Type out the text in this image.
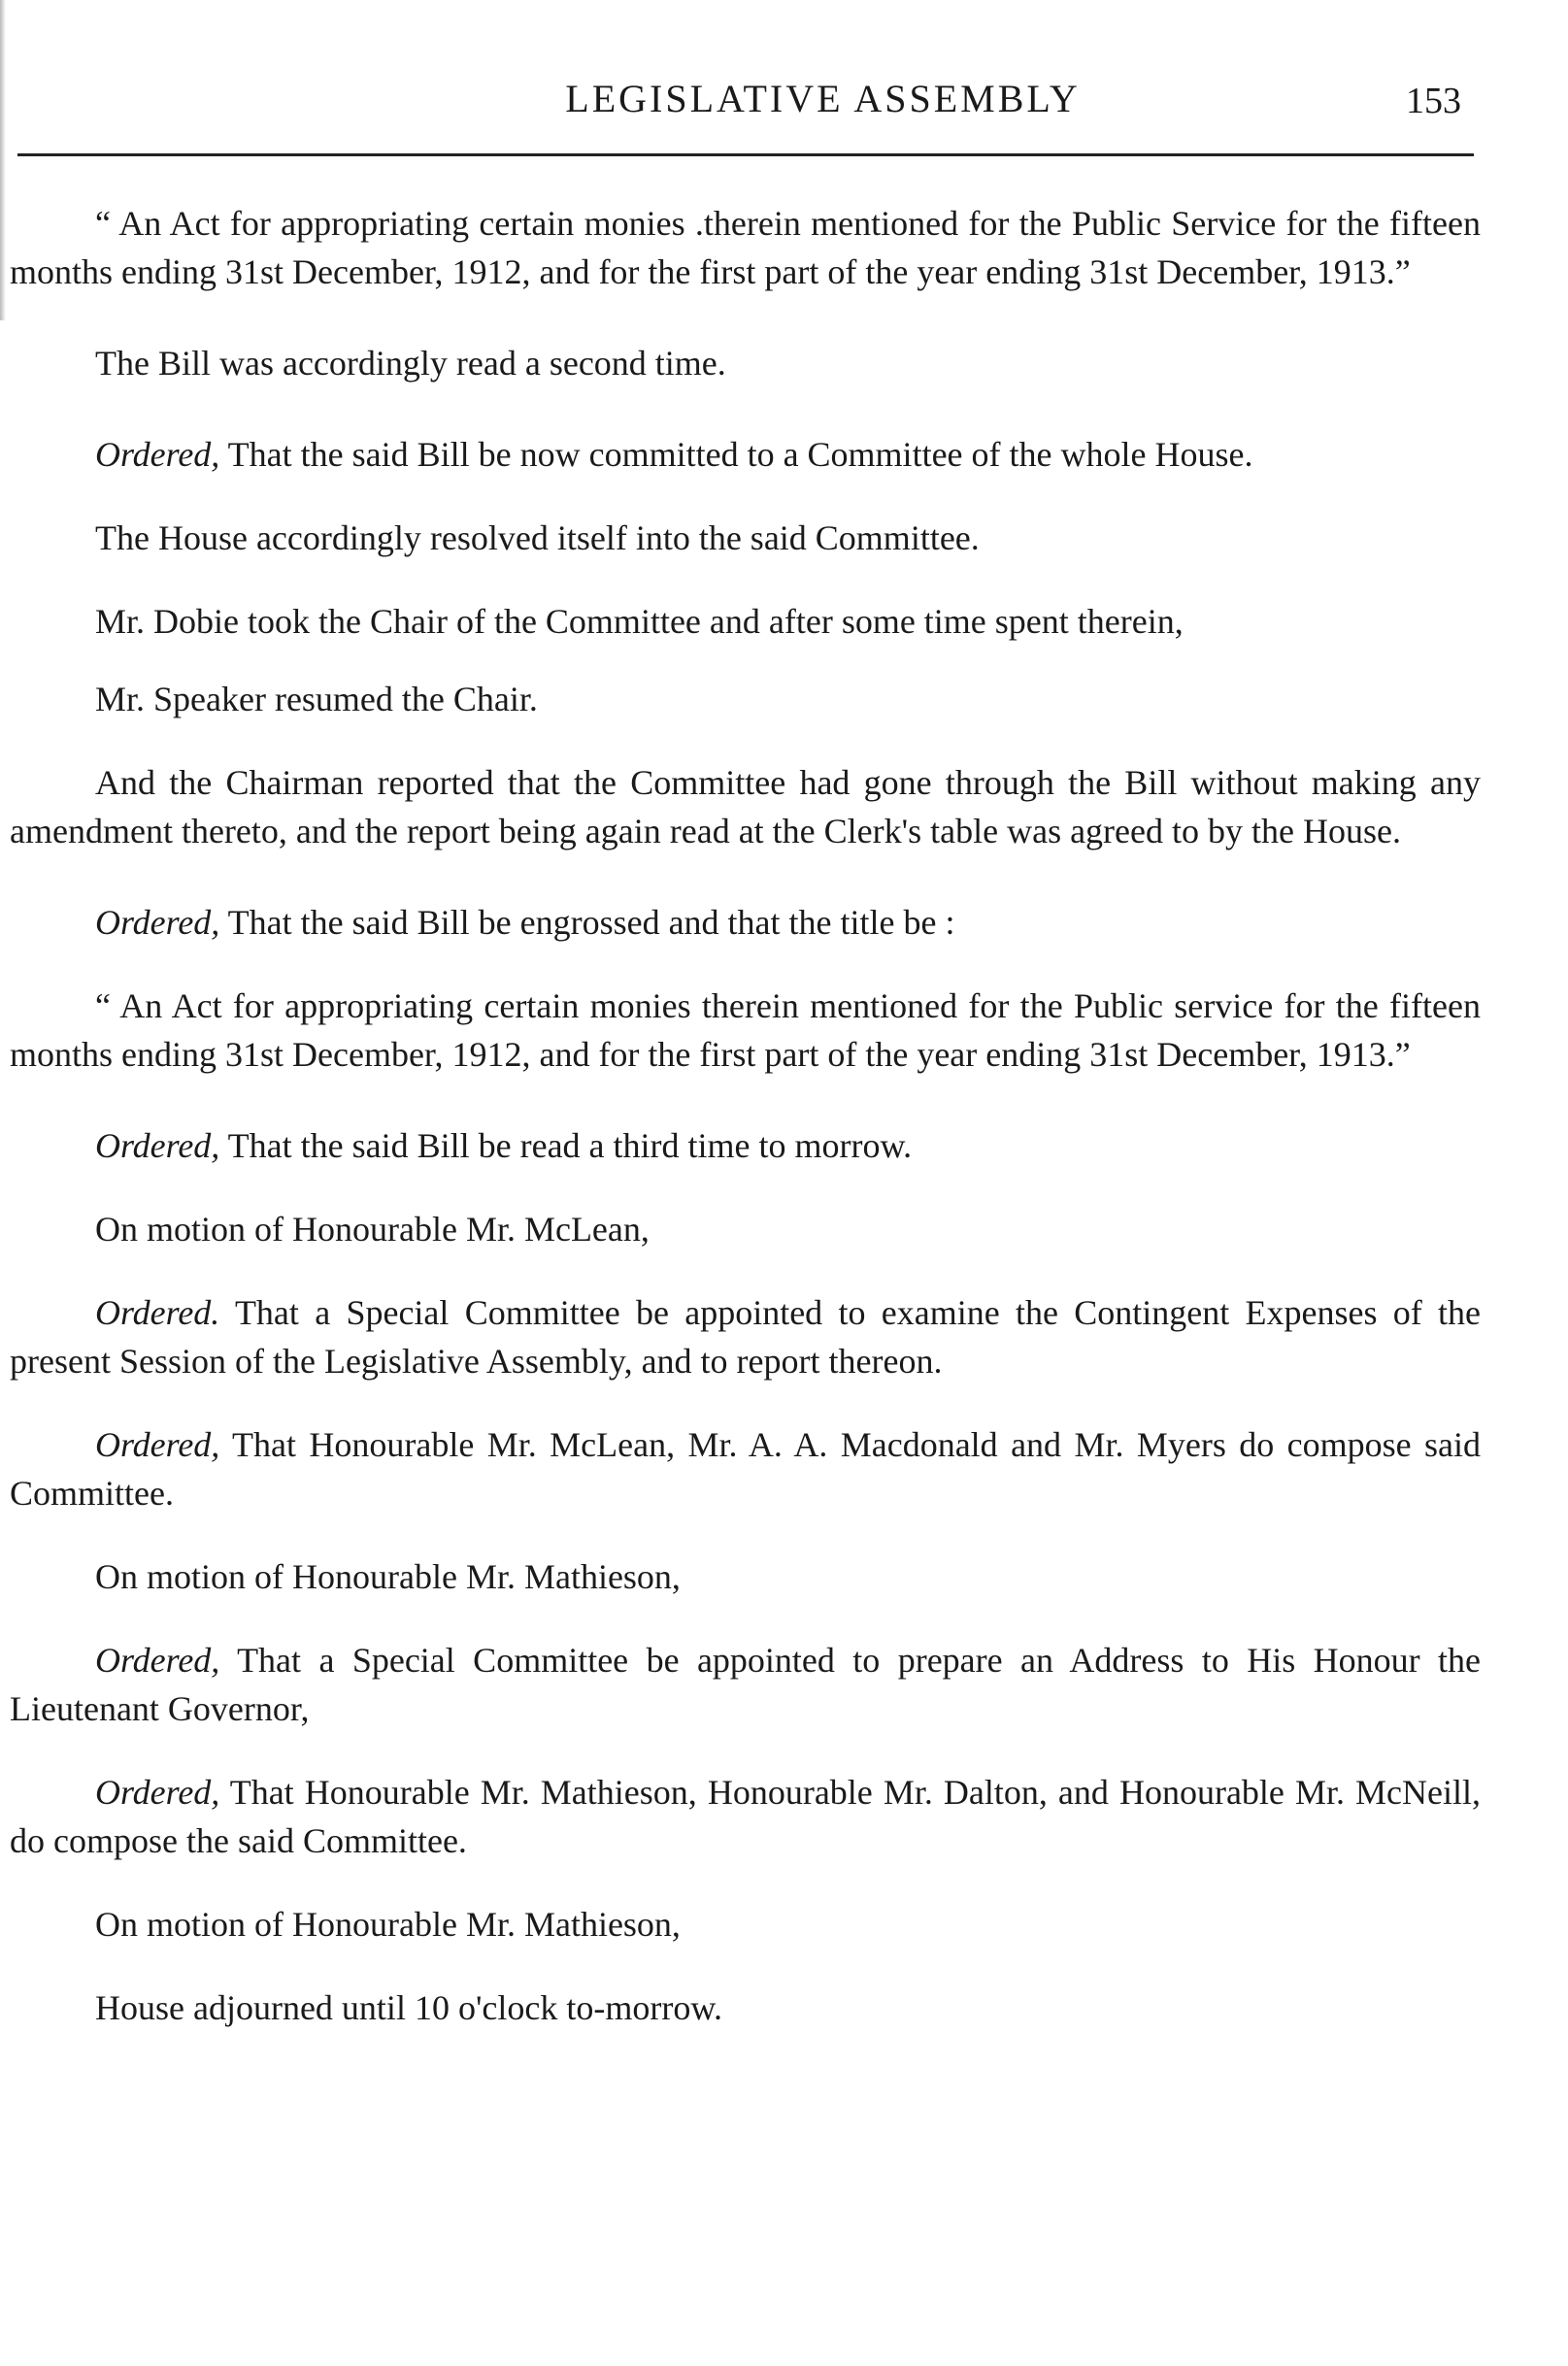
LEGISLATIVE ASSEMBLY	153

“ An Act for appropriating certain monies .therein mentioned for the Public Service for the fifteen months ending 31st December, 1912, and for the first part of the year ending 31st December, 1913.”

The Bill was accordingly read a second time.

Ordered, That the said Bill be now committed to a Committee of the whole House.

The House accordingly resolved itself into the said Committee.

Mr. Dobie took the Chair of the Committee and after some time spent therein,

Mr. Speaker resumed the Chair.

And the Chairman reported that the Committee had gone through the Bill without making any amendment thereto, and the report being again read at the Clerk's table was agreed to by the House.

Ordered, That the said Bill be engrossed and that the title be :

“ An Act for appropriating certain monies therein mentioned for the Public service for the fifteen months ending 31st December, 1912, and for the first part of the year ending 31st December, 1913.”

Ordered, That the said Bill be read a third time to morrow.

On motion of Honourable Mr. McLean,

Ordered. That a Special Committee be appointed to examine the Contingent Expenses of the present Session of the Legislative Assembly, and to report thereon.

Ordered, That Honourable Mr. McLean, Mr. A. A. Macdonald and Mr. Myers do compose said Committee.

On motion of Honourable Mr. Mathieson,

Ordered, That a Special Committee be appointed to prepare an Address to His Honour the Lieutenant Governor,

Ordered, That Honourable Mr. Mathieson, Honourable Mr. Dalton, and Honourable Mr. McNeill, do compose the said Committee.

On motion of Honourable Mr. Mathieson,

House adjourned until 10 o'clock to-morrow.
